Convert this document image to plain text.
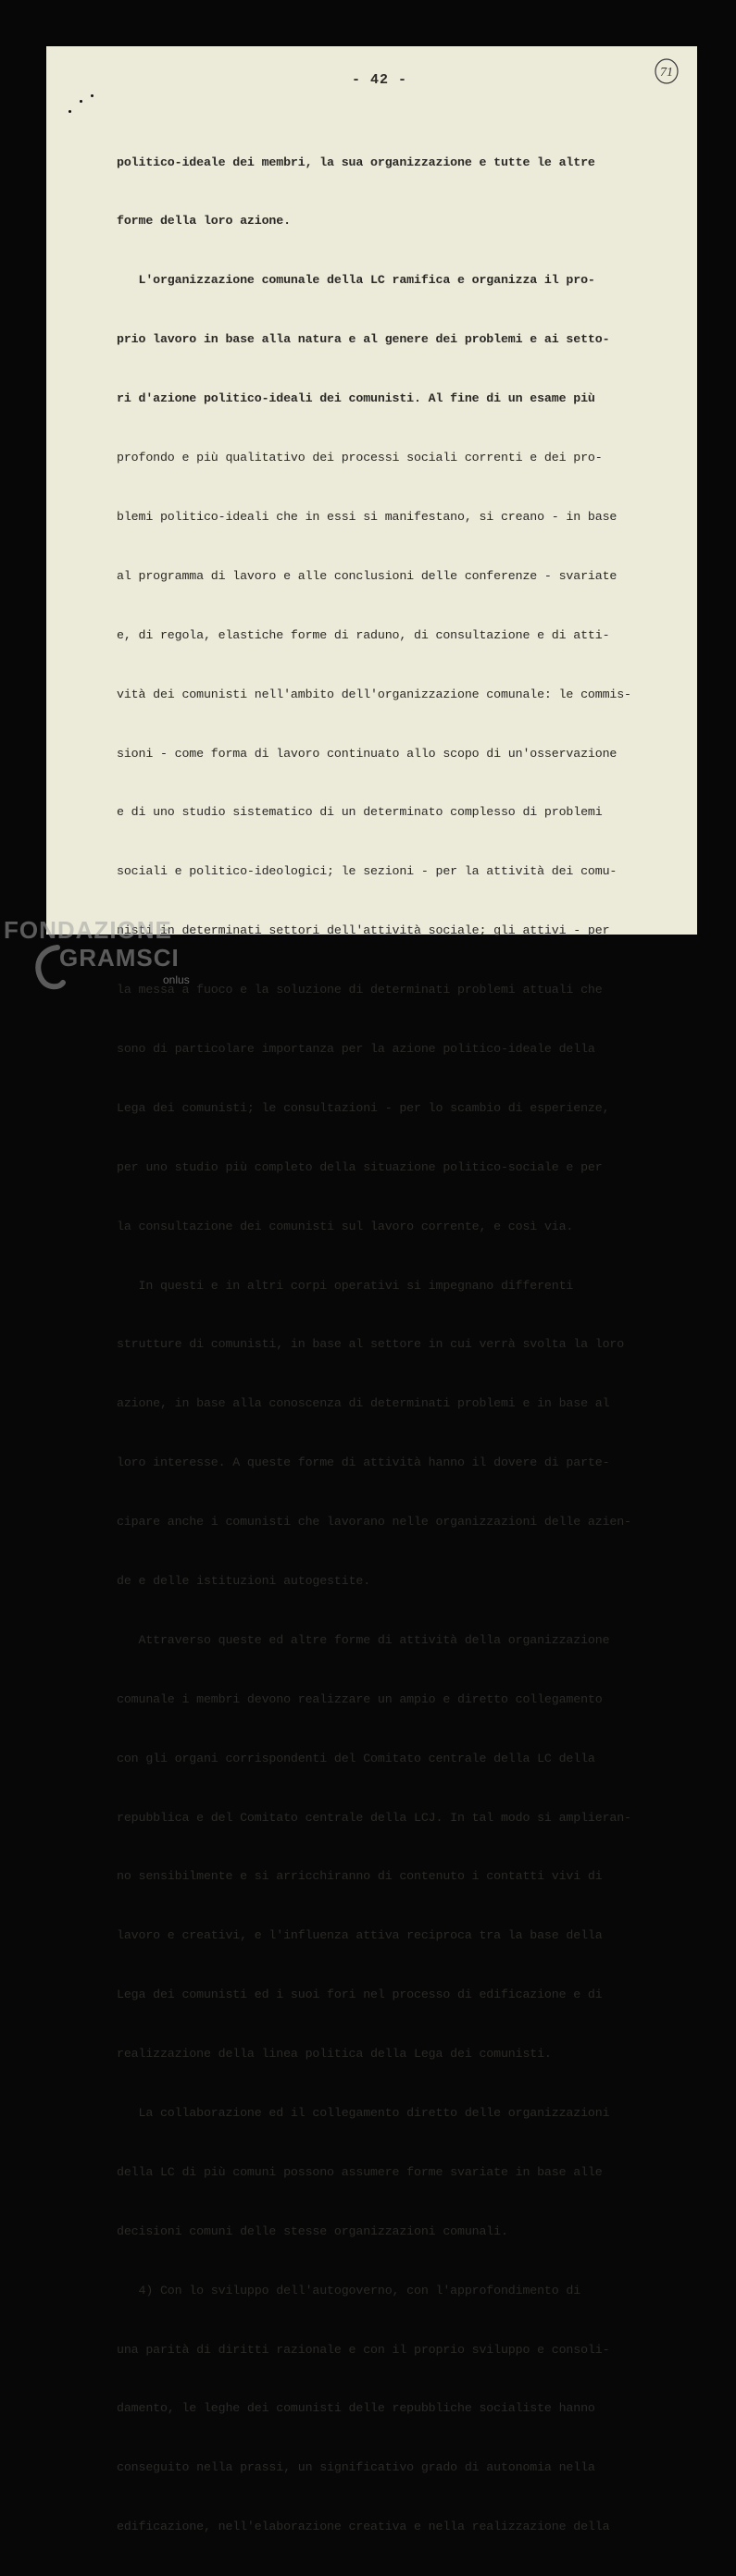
- 42 -	71

politico-ideale dei membri, la sua organizzazione e tutte le altre

forme della loro azione.

L'organizzazione comunale della LC ramifica e organizza il pro-

prio lavoro in base alla natura e al genere dei problemi e ai setto-

ri d'azione politico-ideali dei comunisti. Al fine di un esame più

profondo e più qualitativo dei processi sociali correnti e dei pro-

blemi politico-ideali che in essi si manifestano, si creano - in base

al programma di lavoro e alle conclusioni delle conferenze - svariate

e, di regola, elastiche forme di raduno, di consultazione e di atti-

vità dei comunisti nell'ambito dell'organizzazione comunale: le commis-

sioni - come forma di lavoro continuato allo scopo di un'osservazione

e di uno studio sistematico di un determinato complesso di problemi

sociali e politico-ideologici; le sezioni - per la attività dei comu-

nisti in determinati settori dell'attività sociale; gli attivi - per

la messa a fuoco e la soluzione di determinati problemi attuali che

sono di particolare importanza per la azione politico-ideale della

Lega dei comunisti; le consultazioni - per lo scambio di esperienze,

per uno studio più completo della situazione politico-sociale e per

la consultazione dei comunisti sul lavoro corrente, e così via.

In questi e in altri corpi operativi si impegnano differenti

strutture di comunisti, in base al settore in cui verrà svolta la loro

azione, in base alla conoscenza di determinati problemi e in base al

loro interesse. A queste forme di attività hanno il dovere di parte-

cipare anche i comunisti che lavorano nelle organizzazioni delle azien-

de e delle istituzioni autogestite.

Attraverso queste ed altre forme di attività della organizzazione

comunale i membri devono realizzare un ampio e diretto collegamento

con gli organi corrispondenti del Comitato centrale della LC della

repubblica e del Comitato centrale della LCJ. In tal modo si amplieran-

no sensibilmente e si arricchiranno di contenuto i contatti vivi di

lavoro e creativi, e l'influenza attiva reciproca tra la base della

Lega dei comunisti ed i suoi fori nel processo di edificazione e di

realizzazione della linea politica della Lega dei comunisti.

La collaborazione ed il collegamento diretto delle organizzazioni

della LC di più comuni possono assumere forme svariate in base alle

decisioni comuni delle stesse organizzazioni comunali.

4) Con lo sviluppo dell'autogoverno, con l'approfondimento di

una parità di diritti razionale e con il proprio sviluppo e consoli-

damento, le leghe dei comunisti delle repubbliche socialiste hanno

conseguito nella prassi, un significativo grado di autonomia nella

edificazione, nell'elaborazione creativa e nella realizzazione della

FONDAZIONE
GRAMSCI
onlus
